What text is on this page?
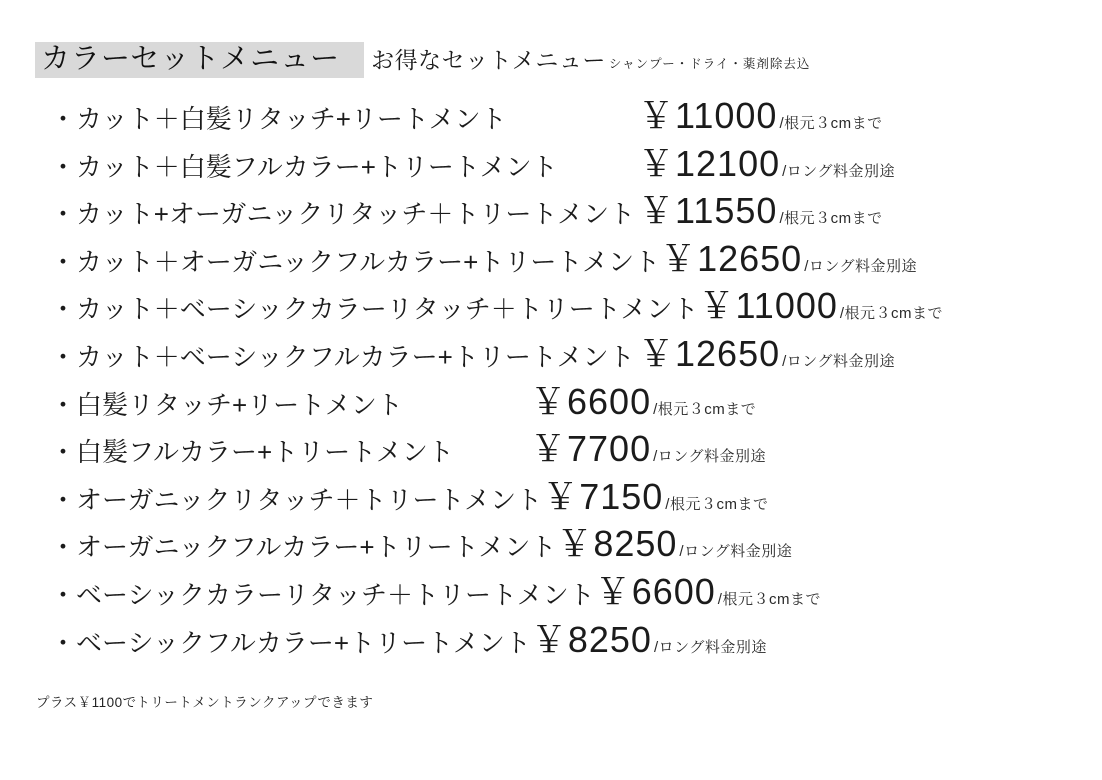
カラーセットメニュー	お得なセットメニュー シャンプー・ドライ・薬剤除去込
・カット＋白髪リタッチ+リートメント	￥11000 /根元３cmまで
・カット＋白髪フルカラー+トリートメント	￥12100 /ロング料金別途
・カット+オーガニックリタッチ＋トリートメント ￥11550 /根元３cmまで
・カット＋オーガニックフルカラー+トリートメント ￥12650 /ロング料金別途
・カット＋ベーシックカラーリタッチ＋トリートメント ￥11000 /根元３cmまで
・カット＋ベーシックフルカラー+トリートメント ￥12650 /ロング料金別途
・白髪リタッチ+リートメント	￥6600 /根元３cmまで
・白髪フルカラー+トリートメント	￥7700 /ロング料金別途
・オーガニックリタッチ＋トリートメント ￥7150 /根元３cmまで
・オーガニックフルカラー+トリートメント ￥8250 /ロング料金別途
・ベーシックカラーリタッチ＋トリートメント ￥6600 /根元３cmまで
・ベーシックフルカラー+トリートメント ￥8250 /ロング料金別途
プラス￥1100でトリートメントランクアップできます
